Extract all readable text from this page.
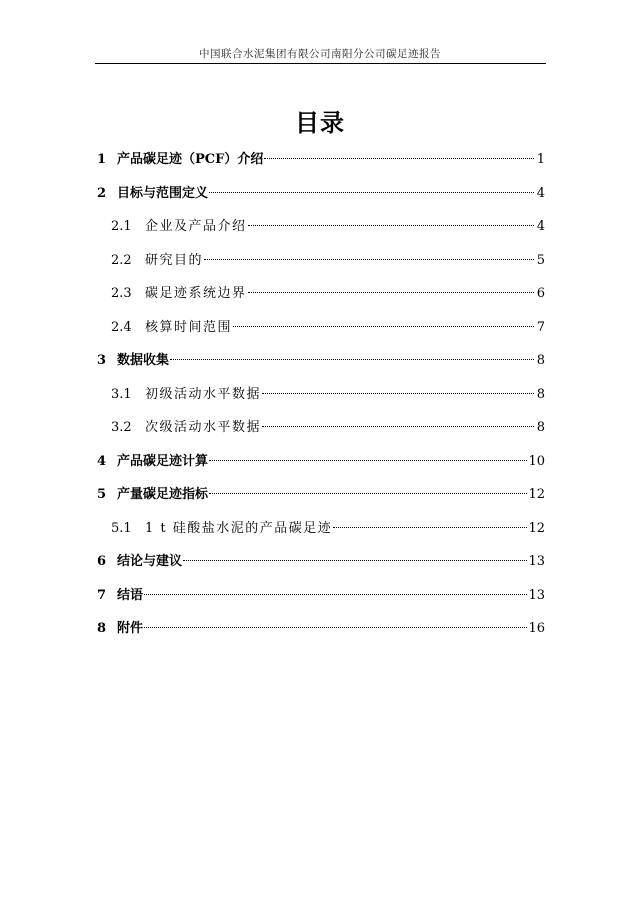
中国联合水泥集团有限公司南阳分公司碳足迹报告
目录
1 产品碳足迹（PCF）介绍	1
2 目标与范围定义	4
2.1	企业及产品介绍	4
2.2	研究目的	5
2.3	碳足迹系统边界	6
2.4	核算时间范围	7
3 数据收集	8
3.1	初级活动水平数据	8
3.2	次级活动水平数据	8
4 产品碳足迹计算	10
5 产量碳足迹指标	12
5.1	1 t 硅酸盐水泥的产品碳足迹	12
6 结论与建议	13
7 结语	13
8 附件	16
